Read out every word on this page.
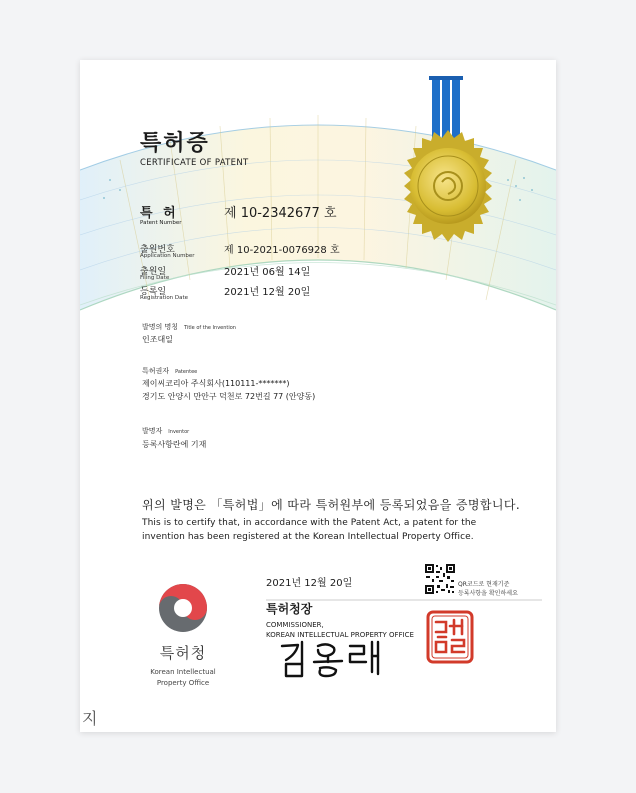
특허증
CERTIFICATE OF PATENT
특 허
Patent Number
제 10-2342677 호
출원번호
Application Number	제 10-2021-0076928 호
출원일
Filing Date	2021년 06월 14일
등록일
Registration Date	2021년 12월 20일
발명의 명칭 Title of the Invention
인조대일
특허권자 Patentee
제이씨코리아 주식회사(110111-*******)
경기도 안양시 만안구 덕천로 72번길 77 (안양동)
발명자 Inventor
등록사항란에 기재
위의 발명은 「특허법」에 따라 특허원부에 등록되었음을 증명합니다.
This is to certify that, in accordance with the Patent Act, a patent for the
invention has been registered at the Korean Intellectual Property Office.
특허청
Korean Intellectual
Property Office
2021년 12월 20일	QR코드로 현재기준
등록사항을 확인하세요
특허청장
COMMISSIONER,
KOREAN INTELLECTUAL PROPERTY OFFICE
지
